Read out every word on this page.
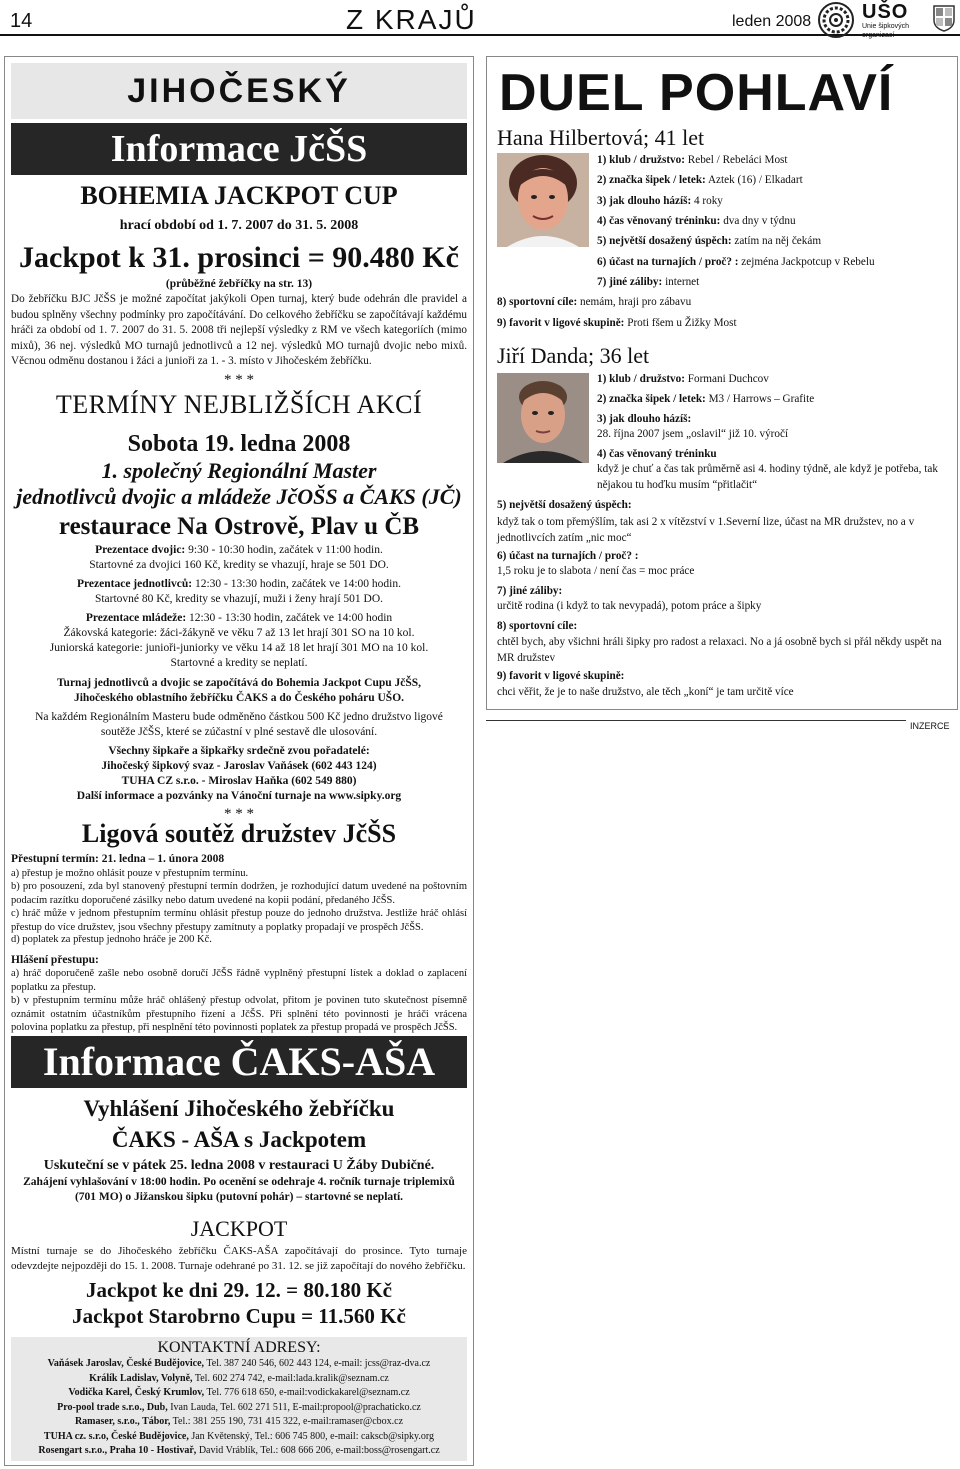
14	Z KRAJŮ	leden 2008	UŠO
Unie šipkových organizací
JIHOČESKÝ
Informace JčŠS
BOHEMIA JACKPOT CUP
hrací období od 1. 7. 2007 do 31. 5. 2008
Jackpot k 31. prosinci = 90.480 Kč
(průběžné žebříčky na str. 13)
Do žebříčku BJC JčŠS je možné započítat jakýkoli Open turnaj, který bude odehrán dle pravidel a budou splněny všechny podmínky pro započítávání. Do celkového žebříčku se započítávají každému hráči za období od 1. 7. 2007 do 31. 5. 2008 tři nejlepší výsledky z RM ve všech kategoriích (mimo mixů), 36 nej. výsledků MO turnajů jednotlivců a 12 nej. výsledků MO turnajů dvojic nebo mixů. Věcnou odměnu dostanou i žáci a junioři za 1. - 3. místo v Jihočeském žebříčku.
* * *
TERMÍNY NEJBLIŽŠÍCH AKCÍ
Sobota 19. ledna 2008
1. společný Regionální Master
jednotlivců dvojic a mládeže JčOŠS a ČAKS (JČ)
restaurace Na Ostrově, Plav u ČB
Prezentace dvojic: 9:30 - 10:30 hodin, začátek v 11:00 hodin.
Startovné za dvojici 160 Kč, kredity se vhazují, hraje se 501 DO.
Prezentace jednotlivců: 12:30 - 13:30 hodin, začátek ve 14:00 hodin.
Startovné 80 Kč, kredity se vhazují, muži i ženy hrají 501 DO.
Prezentace mládeže: 12:30 - 13:30 hodin, začátek ve 14:00 hodin
Žákovská kategorie: žáci-žákyně ve věku 7 až 13 let hrají 301 SO na 10 kol.
Juniorská kategorie: junioři-juniorky ve věku 14 až 18 let hrají 301 MO na 10 kol.
Startovné a kredity se neplatí.
Turnaj jednotlivců a dvojic se započítává do Bohemia Jackpot Cupu JčŠS,
Jihočeského oblastního žebříčku ČAKS a do Českého poháru UŠO.
Na každém Regionálním Masteru bude odměněno částkou 500 Kč jedno družstvo ligové
soutěže JčŠS, které se zúčastní v plné sestavě dle ulosování.
Všechny šipkaře a šipkařky srdečně zvou pořadatelé:
Jihočeský šipkový svaz - Jaroslav Vaňásek (602 443 124)
TUHA CZ s.r.o. - Miroslav Haňka (602 549 880)
Další informace a pozvánky na Vánoční turnaje na www.sipky.org
* * *
Ligová soutěž družstev JčŠS
Přestupní termín: 21. ledna – 1. února 2008
a) přestup je možno ohlásit pouze v přestupním termínu.
b) pro posouzení, zda byl stanovený přestupní termín dodržen, je rozhodující datum uvedené na poštovním podacím razítku doporučené zásilky nebo datum uvedené na kopii podání, předaného JčŠS.
c) hráč může v jednom přestupním termínu ohlásit přestup pouze do jednoho družstva. Jestliže hráč ohlásí přestup do více družstev, jsou všechny přestupy zamítnuty a poplatky propadají ve prospěch JčŠS.
d) poplatek za přestup jednoho hráče je 200 Kč.
Hlášení přestupu:
a) hráč doporučeně zašle nebo osobně doručí JčŠS řádně vyplněný přestupní lístek a doklad o zaplacení poplatku za přestup.
b) v přestupním termínu může hráč ohlášený přestup odvolat, přitom je povinen tuto skutečnost písemně oznámit ostatním účastníkům přestupního řízení a JčŠS. Při splnění této povinnosti je hráči vrácena polovina poplatku za přestup, při nesplnění této povinnosti poplatek za přestup propadá ve prospěch JčŠS.
Informace ČAKS-AŠA
Vyhlášení Jihočeského žebříčku
ČAKS - AŠA s Jackpotem
Uskuteční se v pátek 25. ledna 2008 v restauraci U Žáby Dubičné.
Zahájení vyhlašování v 18:00 hodin. Po ocenění se odehraje 4. ročník turnaje triplemixů
(701 MO) o Jižanskou šipku (putovní pohár) – startovné se neplatí.
JACKPOT
Místní turnaje se do Jihočeského žebříčku ČAKS-AŠA započítávají do prosince. Tyto turnaje odevzdejte nejpozději do 15. 1. 2008. Turnaje odehrané po 31. 12. se již započítají do nového žebříčku.
Jackpot ke dni 29. 12. = 80.180 Kč
Jackpot Starobrno Cupu = 11.560 Kč
KONTAKTNÍ ADRESY:
Vaňásek Jaroslav, České Budějovice, Tel. 387 240 546, 602 443 124, e-mail: jcss@raz-dva.cz
Králík Ladislav, Volyně, Tel. 602 274 742, e-mail:lada.kralik@seznam.cz
Vodička Karel, Český Krumlov, Tel. 776 618 650, e-mail:vodickakarel@seznam.cz
Pro-pool trade s.r.o., Dub, Ivan Lauda, Tel. 602 271 511, E-mail:propool@prachaticko.cz
Ramaser, s.r.o., Tábor, Tel.: 381 255 190, 731 415 322, e-mail:ramaser@cbox.cz
TUHA cz. s.r.o, České Budějovice, Jan Květenský, Tel.: 606 745 800, e-mail: cakscb@sipky.org
Rosengart s.r.o., Praha 10 - Hostivař, David Vráblík, Tel.: 608 666 206, e-mail:boss@rosengart.cz
DUEL POHLAVÍ
Hana Hilbertová; 41 let
1) klub / družstvo: Rebel / Rebeláci Most
2) značka šipek / letek: Aztek (16) / Elkadart
3) jak dlouho házíš: 4 roky
4) čas věnovaný tréninku: dva dny v týdnu
5) největší dosažený úspěch: zatím na něj čekám
6) účast na turnajích / proč? : zejména Jackpotcup v Rebelu
7) jiné záliby: internet
8) sportovní cíle: nemám, hraji pro zábavu
9) favorit v ligové skupině: Proti fšem u Žižky Most
Jiří Danda; 36 let
1) klub / družstvo: Formani Duchcov
2) značka šipek / letek: M3 / Harrows – Grafite
3) jak dlouho házíš:
28. října 2007 jsem „oslavil“ již 10. výročí
4) čas věnovaný tréninku
když je chuť a čas tak průměrně asi 4. hodiny týdně, ale když je potřeba, tak nějakou tu hoďku musím “přitlačit“
5) největší dosažený úspěch:
když tak o tom přemýšlím, tak asi 2 x vítězství v 1.Severní lize, účast na MR družstev, no a v jednotlivcích zatím „nic moc“
6) účast na turnajích / proč? :
1,5 roku je to slabota / není čas = moc práce
7) jiné záliby:
určitě rodina (i když to tak nevypadá), potom práce a šipky
8) sportovní cíle:
chtěl bych, aby všichni hráli šipky pro radost a relaxaci. No a já osobně bych si přál někdy uspět na MR družstev
9) favorit v ligové skupině:
chci věřit, že je to naše družstvo, ale těch „koní“ je tam určitě více
INZERCE
